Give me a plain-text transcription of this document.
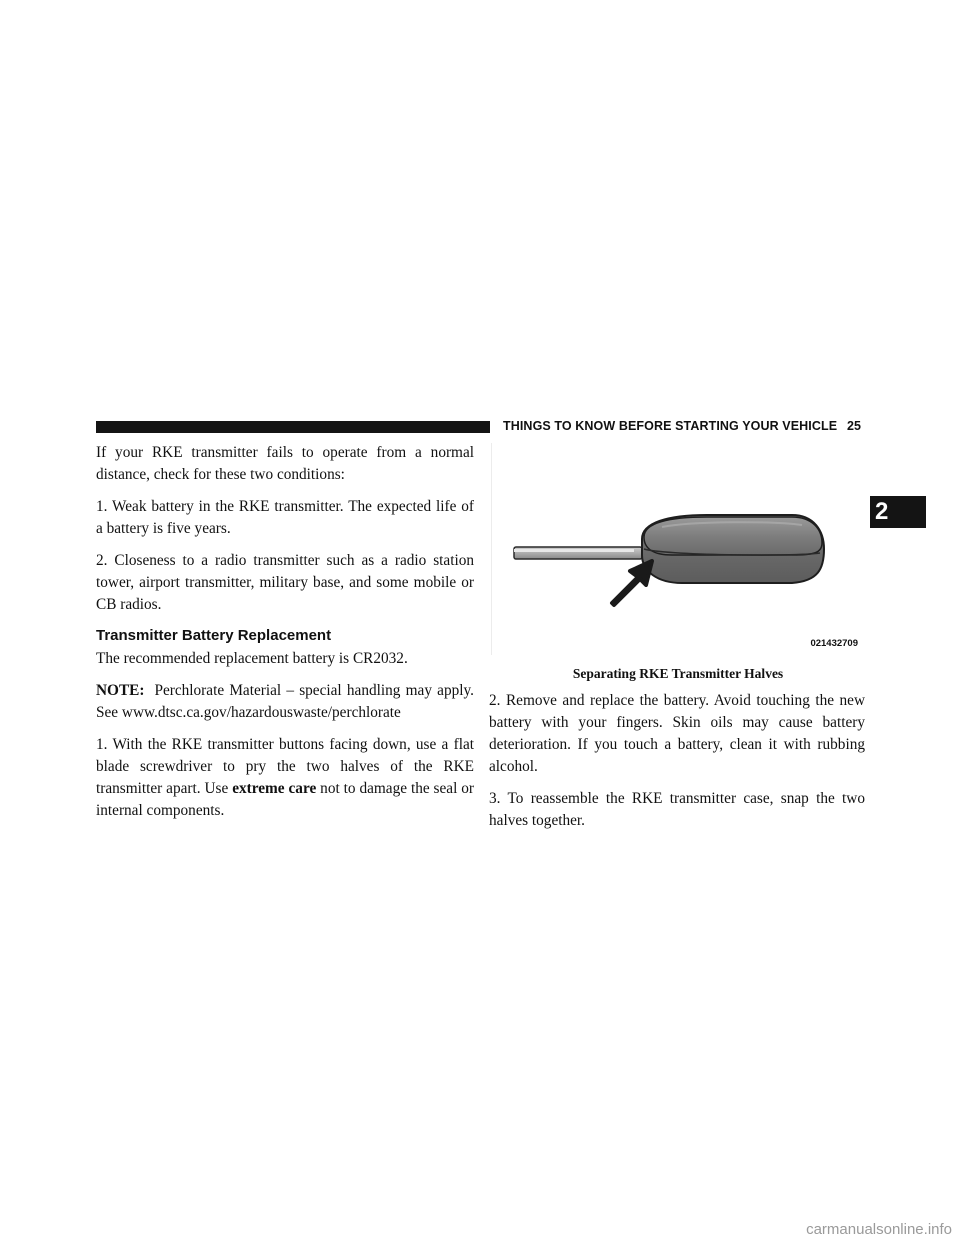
THINGS TO KNOW BEFORE STARTING YOUR VEHICLE 25
2

If your RKE transmitter fails to operate from a normal distance, check for these two conditions:

1. Weak battery in the RKE transmitter. The expected life of a battery is five years.

2. Closeness to a radio transmitter such as a radio station tower, airport transmitter, military base, and some mobile or CB radios.

Transmitter Battery Replacement

The recommended replacement battery is CR2032.

NOTE: Perchlorate Material – special handling may apply. See www.dtsc.ca.gov/hazardouswaste/perchlorate

1. With the RKE transmitter buttons facing down, use a flat blade screwdriver to pry the two halves of the RKE transmitter apart. Use extreme care not to damage the seal or internal components.

021432709
Separating RKE Transmitter Halves

2. Remove and replace the battery. Avoid touching the new battery with your fingers. Skin oils may cause battery deterioration. If you touch a battery, clean it with rubbing alcohol.

3. To reassemble the RKE transmitter case, snap the two halves together.

carmanualsonline.info
